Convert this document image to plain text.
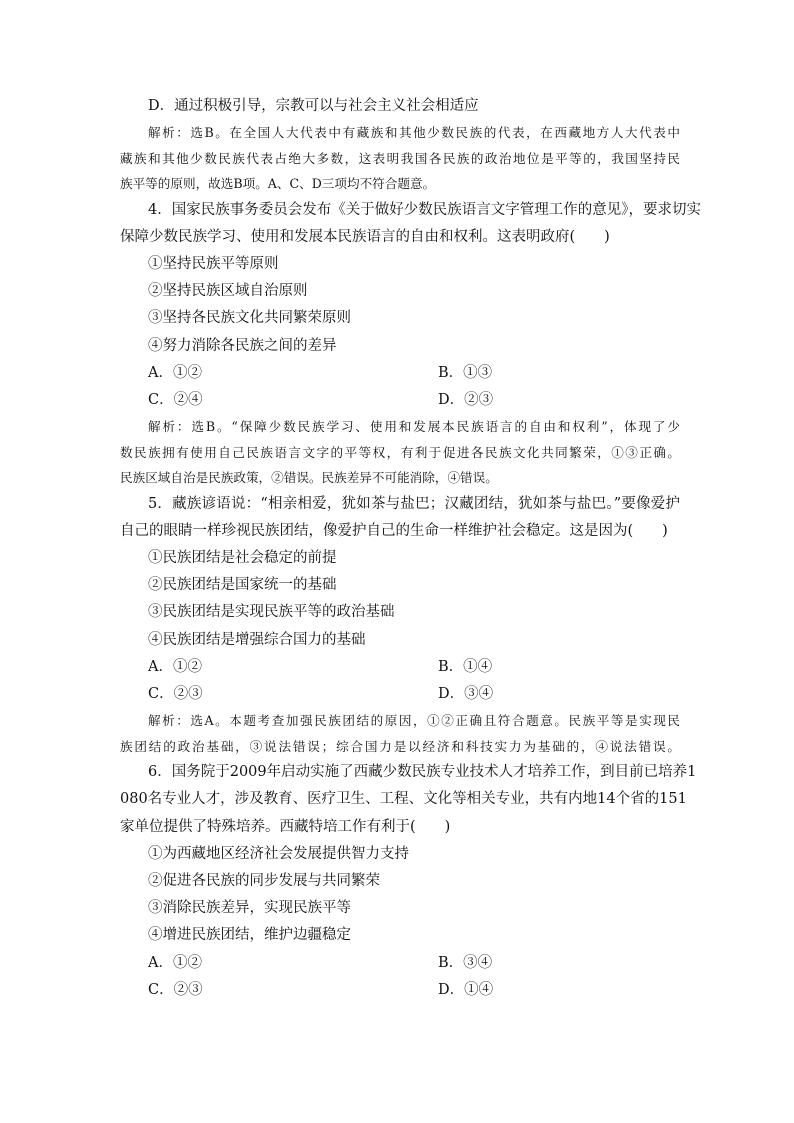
D．通过积极引导，宗教可以与社会主义社会相适应
解析：选B。在全国人大代表中有藏族和其他少数民族的代表，在西藏地方人大代表中
藏族和其他少数民族代表占绝大多数，这表明我国各民族的政治地位是平等的，我国坚持民
族平等的原则，故选B项。A、C、D三项均不符合题意。
4．国家民族事务委员会发布《关于做好少数民族语言文字管理工作的意见》，要求切实
保障少数民族学习、使用和发展本民族语言的自由和权利。这表明政府(　　)
①坚持民族平等原则
②坚持民族区域自治原则
③坚持各民族文化共同繁荣原则
④努力消除各民族之间的差异
A．①②	B．①③
C．②④	D．②③
解析：选B。“保障少数民族学习、使用和发展本民族语言的自由和权利”，体现了少
数民族拥有使用自己民族语言文字的平等权，有利于促进各民族文化共同繁荣，①③正确。
民族区域自治是民族政策，②错误。民族差异不可能消除，④错误。
5．藏族谚语说：“相亲相爱，犹如茶与盐巴；汉藏团结，犹如茶与盐巴。”要像爱护
自己的眼睛一样珍视民族团结，像爱护自己的生命一样维护社会稳定。这是因为(　　)
①民族团结是社会稳定的前提
②民族团结是国家统一的基础
③民族团结是实现民族平等的政治基础
④民族团结是增强综合国力的基础
A．①②	B．①④
C．②③	D．③④
解析：选A。本题考查加强民族团结的原因，①②正确且符合题意。民族平等是实现民
族团结的政治基础，③说法错误；综合国力是以经济和科技实力为基础的，④说法错误。
6．国务院于2009年启动实施了西藏少数民族专业技术人才培养工作，到目前已培养1
080名专业人才，涉及教育、医疗卫生、工程、文化等相关专业，共有内地14个省的151
家单位提供了特殊培养。西藏特培工作有利于(　　)
①为西藏地区经济社会发展提供智力支持
②促进各民族的同步发展与共同繁荣
③消除民族差异，实现民族平等
④增进民族团结，维护边疆稳定
A．①②	B．③④
C．②③	D．①④
